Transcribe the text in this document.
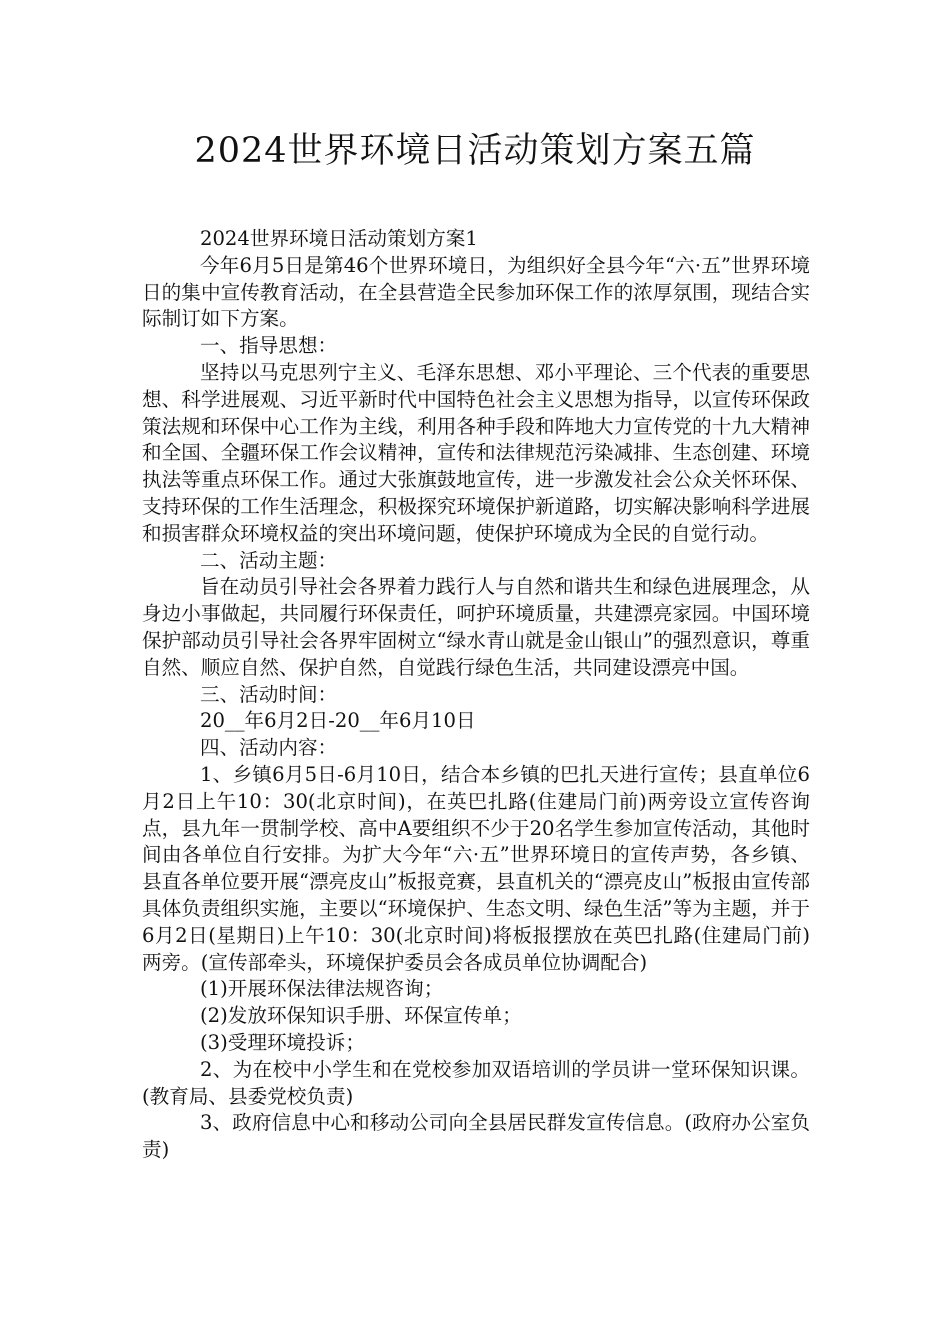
2024世界环境日活动策划方案五篇

2024世界环境日活动策划方案1

今年6月5日是第46个世界环境日，为组织好全县今年“六·五”世界环境日的集中宣传教育活动，在全县营造全民参加环保工作的浓厚氛围，现结合实际制订如下方案。

一、指导思想：

坚持以马克思列宁主义、毛泽东思想、邓小平理论、三个代表的重要思想、科学进展观、习近平新时代中国特色社会主义思想为指导，以宣传环保政策法规和环保中心工作为主线，利用各种手段和阵地大力宣传党的十九大精神和全国、全疆环保工作会议精神，宣传和法律规范污染减排、生态创建、环境执法等重点环保工作。通过大张旗鼓地宣传，进一步激发社会公众关怀环保、支持环保的工作生活理念，积极探究环境保护新道路，切实解决影响科学进展和损害群众环境权益的突出环境问题，使保护环境成为全民的自觉行动。

二、活动主题：

旨在动员引导社会各界着力践行人与自然和谐共生和绿色进展理念，从身边小事做起，共同履行环保责任，呵护环境质量，共建漂亮家园。中国环境保护部动员引导社会各界牢固树立“绿水青山就是金山银山”的强烈意识，尊重自然、顺应自然、保护自然，自觉践行绿色生活，共同建设漂亮中国。

三、活动时间：

20__年6月2日-20__年6月10日

四、活动内容：

1、乡镇6月5日-6月10日，结合本乡镇的巴扎天进行宣传；县直单位6月2日上午10：30(北京时间)，在英巴扎路(住建局门前)两旁设立宣传咨询点，县九年一贯制学校、高中A要组织不少于20名学生参加宣传活动，其他时间由各单位自行安排。为扩大今年“六·五”世界环境日的宣传声势，各乡镇、县直各单位要开展“漂亮皮山”板报竞赛，县直机关的“漂亮皮山”板报由宣传部具体负责组织实施，主要以“环境保护、生态文明、绿色生活”等为主题，并于6月2日(星期日)上午10：30(北京时间)将板报摆放在英巴扎路(住建局门前)两旁。(宣传部牵头，环境保护委员会各成员单位协调配合)

(1)开展环保法律法规咨询；

(2)发放环保知识手册、环保宣传单；

(3)受理环境投诉；

2、为在校中小学生和在党校参加双语培训的学员讲一堂环保知识课。(教育局、县委党校负责)

3、政府信息中心和移动公司向全县居民群发宣传信息。(政府办公室负责)
